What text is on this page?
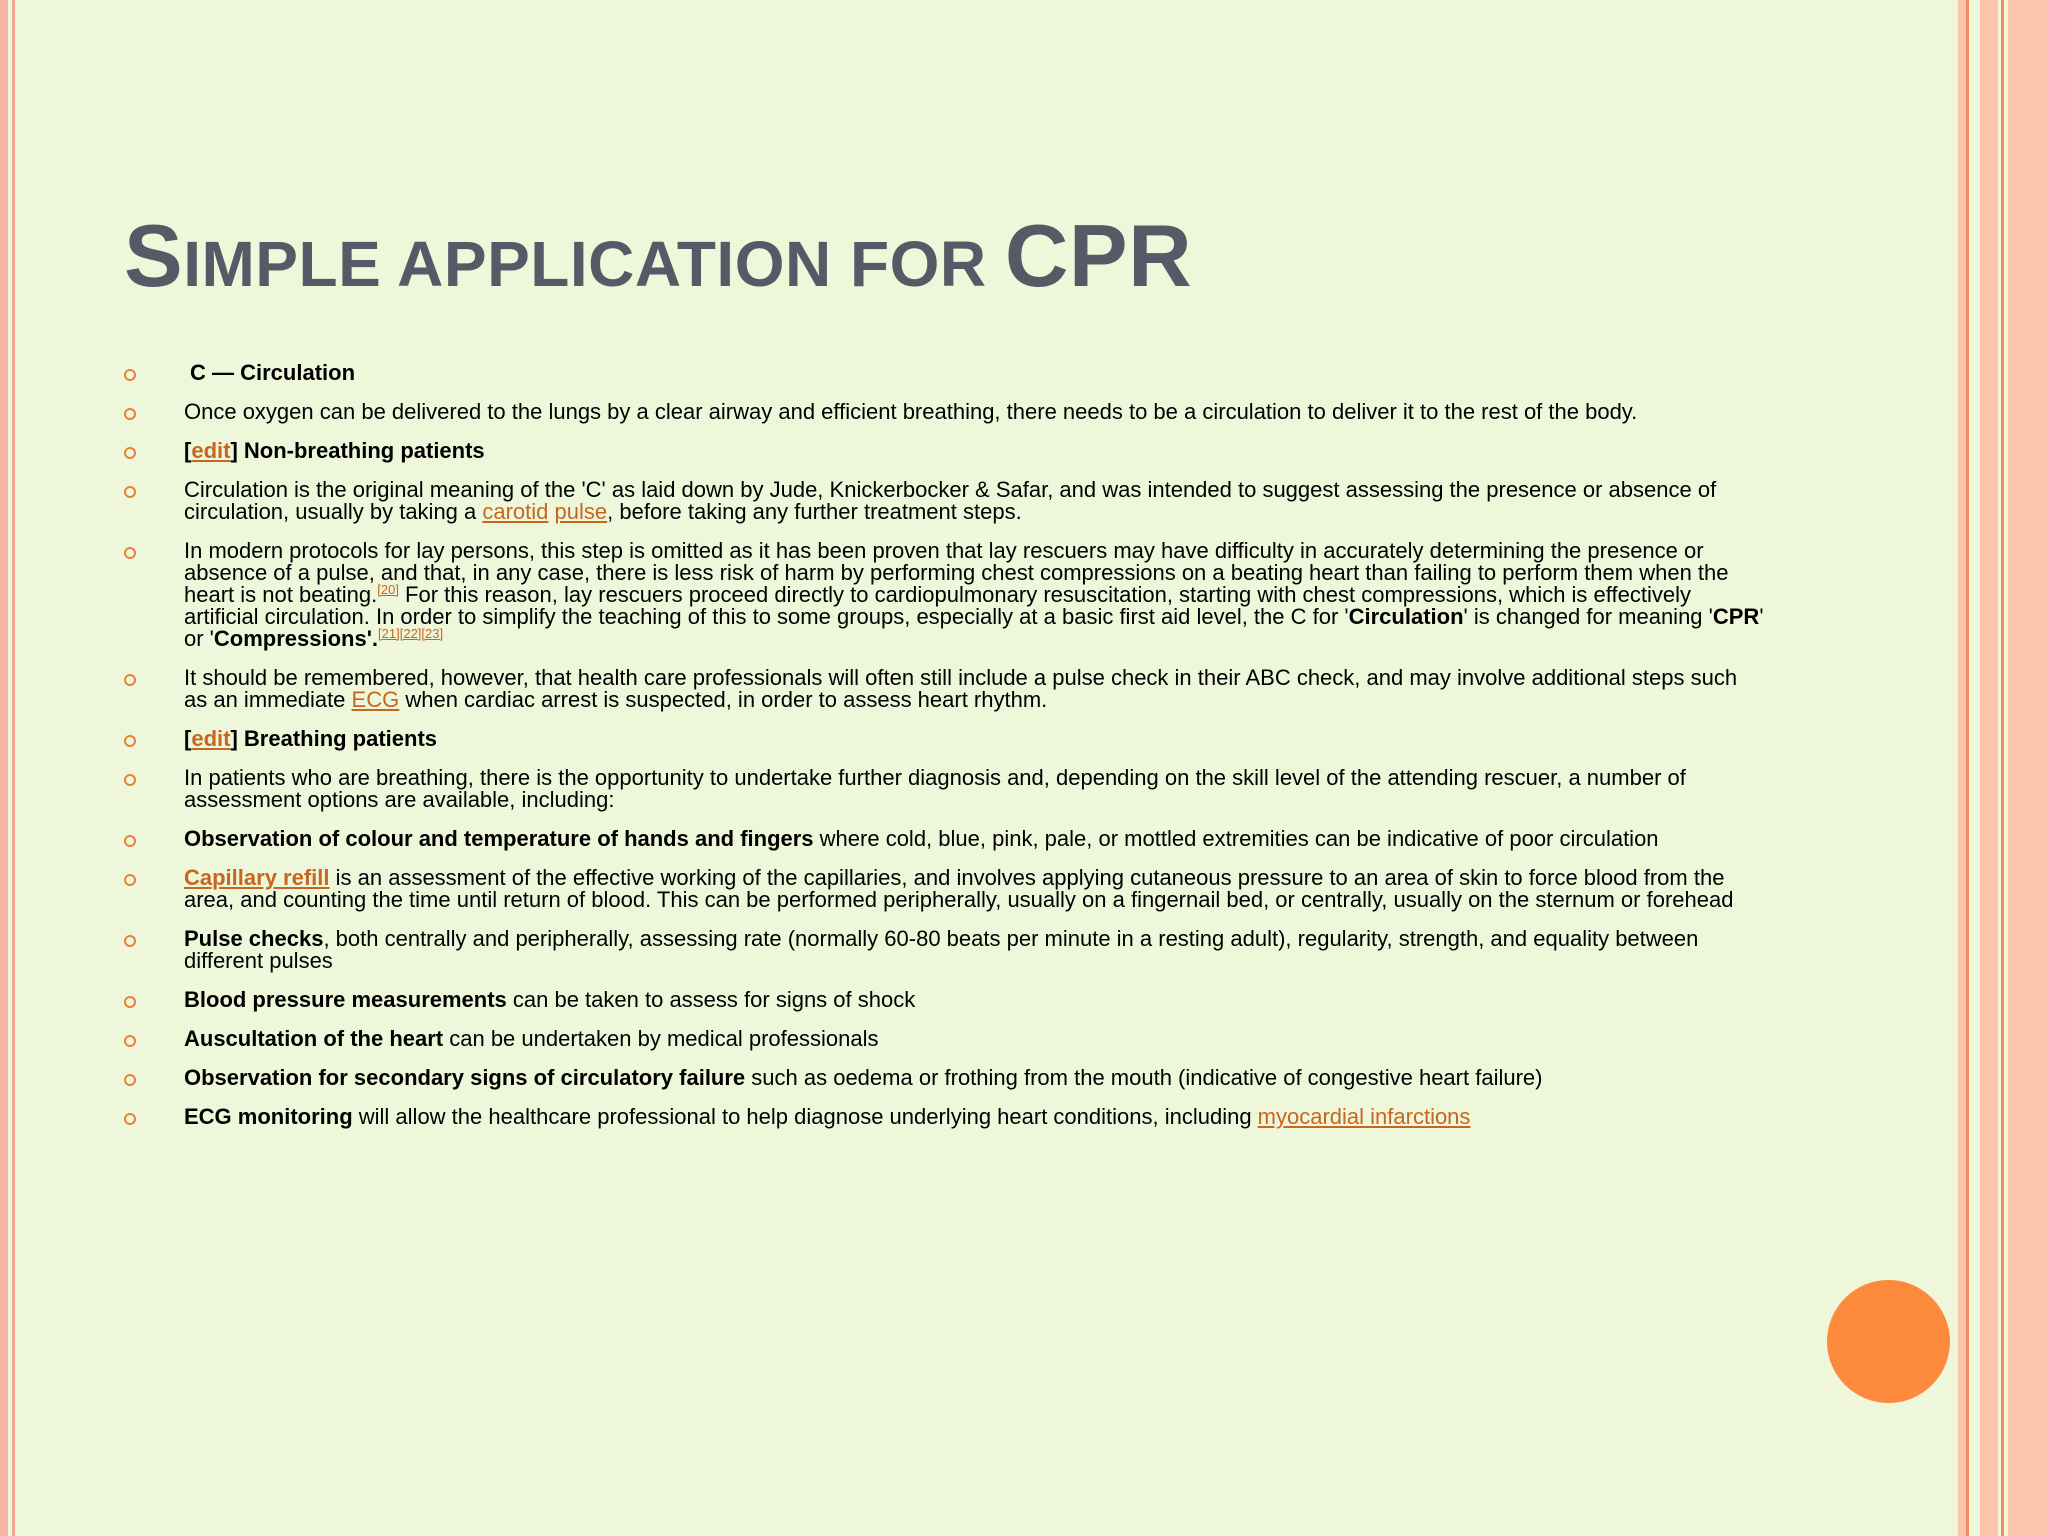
SIMPLE APPLICATION FOR CPR
C — Circulation
Once oxygen can be delivered to the lungs by a clear airway and efficient breathing, there needs to be a circulation to deliver it to the rest of the body.
[edit] Non-breathing patients
Circulation is the original meaning of the 'C' as laid down by Jude, Knickerbocker & Safar, and was intended to suggest assessing the presence or absence of circulation, usually by taking a carotid pulse, before taking any further treatment steps.
In modern protocols for lay persons, this step is omitted as it has been proven that lay rescuers may have difficulty in accurately determining the presence or absence of a pulse, and that, in any case, there is less risk of harm by performing chest compressions on a beating heart than failing to perform them when the heart is not beating.[20] For this reason, lay rescuers proceed directly to cardiopulmonary resuscitation, starting with chest compressions, which is effectively artificial circulation. In order to simplify the teaching of this to some groups, especially at a basic first aid level, the C for 'Circulation' is changed for meaning 'CPR' or 'Compressions'.[21][22][23]
It should be remembered, however, that health care professionals will often still include a pulse check in their ABC check, and may involve additional steps such as an immediate ECG when cardiac arrest is suspected, in order to assess heart rhythm.
[edit] Breathing patients
In patients who are breathing, there is the opportunity to undertake further diagnosis and, depending on the skill level of the attending rescuer, a number of assessment options are available, including:
Observation of colour and temperature of hands and fingers where cold, blue, pink, pale, or mottled extremities can be indicative of poor circulation
Capillary refill is an assessment of the effective working of the capillaries, and involves applying cutaneous pressure to an area of skin to force blood from the area, and counting the time until return of blood. This can be performed peripherally, usually on a fingernail bed, or centrally, usually on the sternum or forehead
Pulse checks, both centrally and peripherally, assessing rate (normally 60-80 beats per minute in a resting adult), regularity, strength, and equality between different pulses
Blood pressure measurements can be taken to assess for signs of shock
Auscultation of the heart can be undertaken by medical professionals
Observation for secondary signs of circulatory failure such as oedema or frothing from the mouth (indicative of congestive heart failure)
ECG monitoring will allow the healthcare professional to help diagnose underlying heart conditions, including myocardial infarctions
